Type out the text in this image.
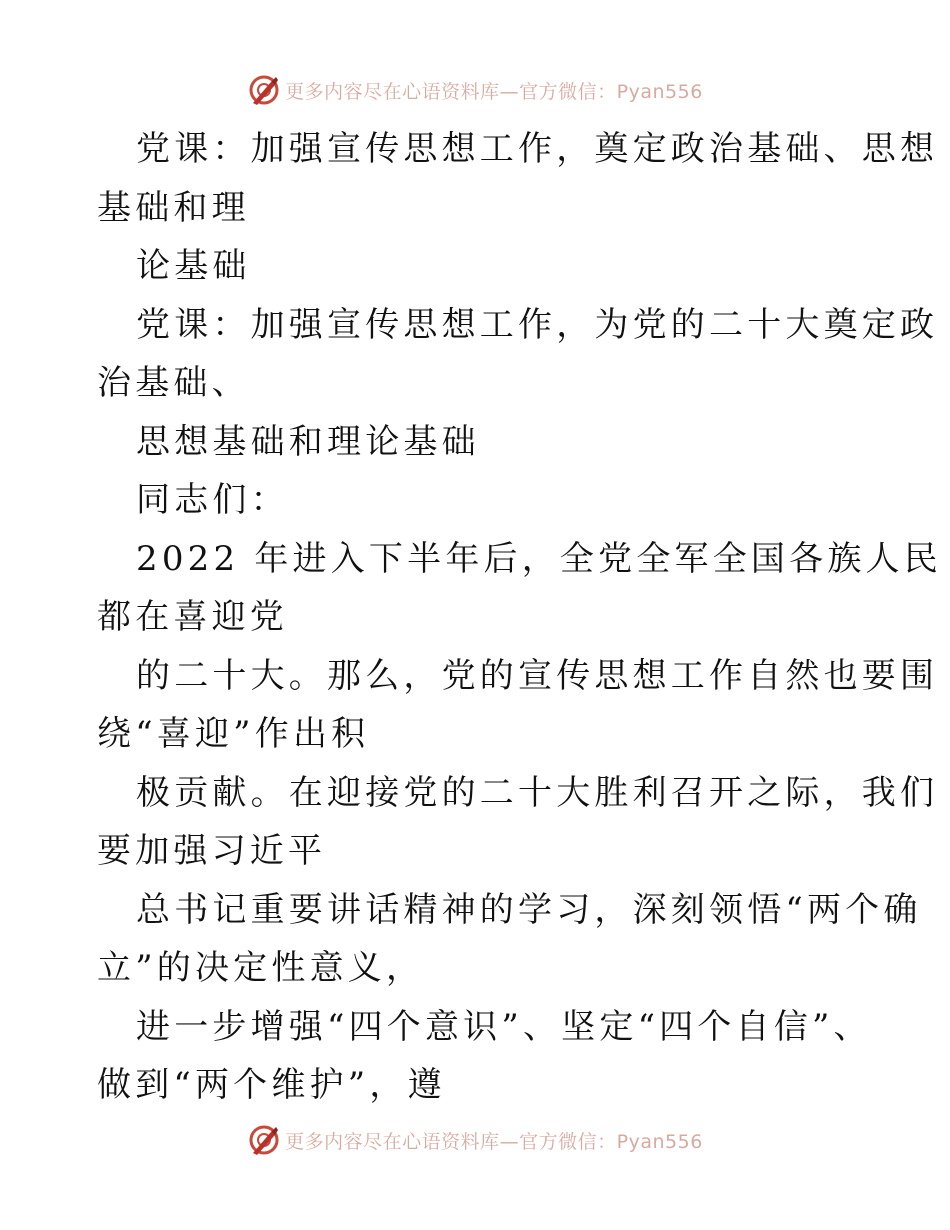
更多内容尽在心语资料库—官方微信：Pyan556
党课：加强宣传思想工作，奠定政治基础、思想
基础和理
论基础
党课：加强宣传思想工作，为党的二十大奠定政
治基础、
思想基础和理论基础
同志们：
2022 年进入下半年后，全党全军全国各族人民
都在喜迎党
的二十大。那么，党的宣传思想工作自然也要围
绕“喜迎”作出积
极贡献。在迎接党的二十大胜利召开之际，我们
要加强习近平
总书记重要讲话精神的学习，深刻领悟“两个确
立”的决定性意义，
进一步增强“四个意识”、坚定“四个自信”、
做到“两个维护”，遵
更多内容尽在心语资料库—官方微信：Pyan556
